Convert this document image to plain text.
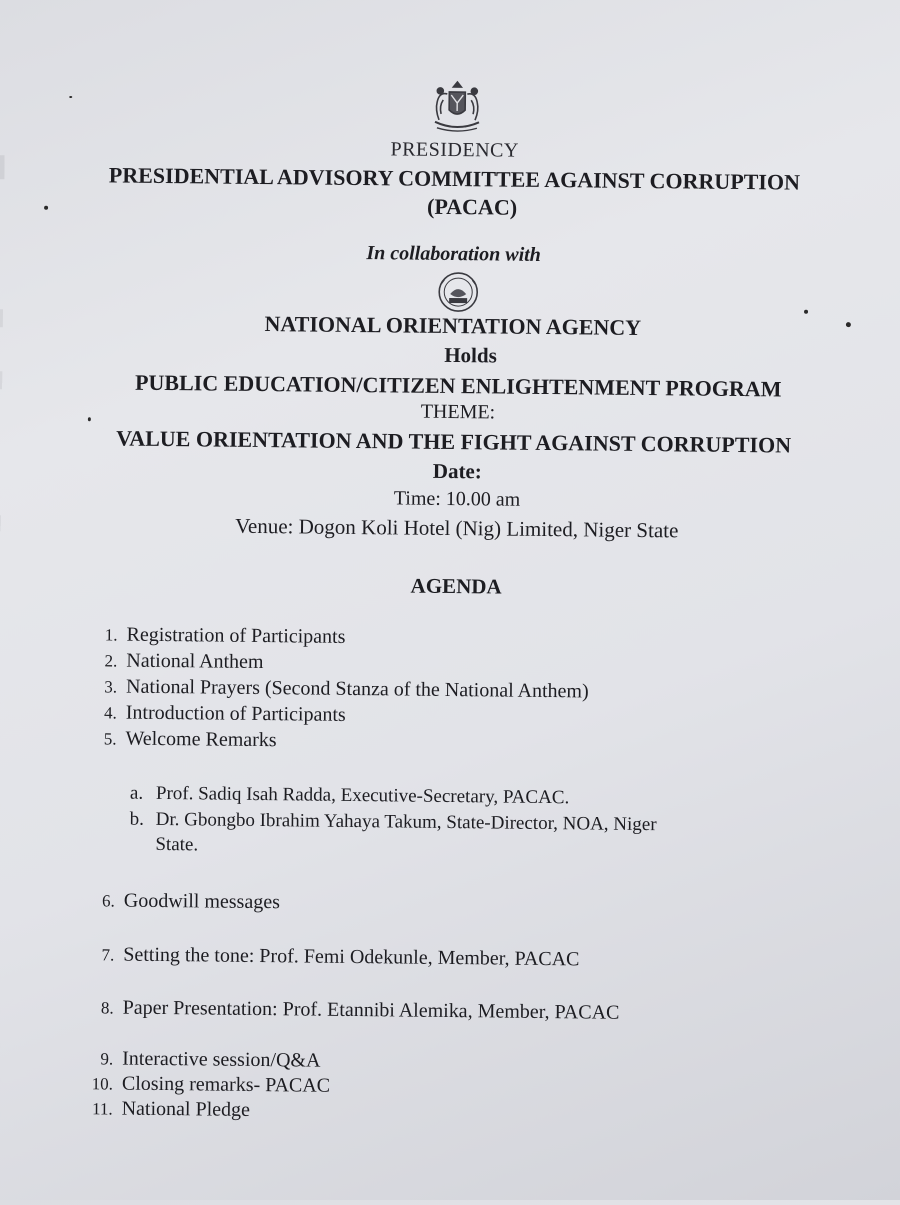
PRESIDENCY
PRESIDENTIAL ADVISORY COMMITTEE AGAINST CORRUPTION
(PACAC)
In collaboration with
NATIONAL ORIENTATION AGENCY
Holds
PUBLIC EDUCATION/CITIZEN ENLIGHTENMENT PROGRAM
THEME:
VALUE ORIENTATION AND THE FIGHT AGAINST CORRUPTION
Date:
Time: 10.00 am
Venue: Dogon Koli Hotel (Nig) Limited, Niger State
AGENDA
1. Registration of Participants
2. National Anthem
3. National Prayers (Second Stanza of the National Anthem)
4. Introduction of Participants
5. Welcome Remarks
a. Prof. Sadiq Isah Radda, Executive-Secretary, PACAC.
b. Dr. Gbongbo Ibrahim Yahaya Takum, State-Director, NOA, Niger
State.
6. Goodwill messages
7. Setting the tone: Prof. Femi Odekunle, Member, PACAC
8. Paper Presentation: Prof. Etannibi Alemika, Member, PACAC
9. Interactive session/Q&A
10. Closing remarks- PACAC
11. National Pledge
